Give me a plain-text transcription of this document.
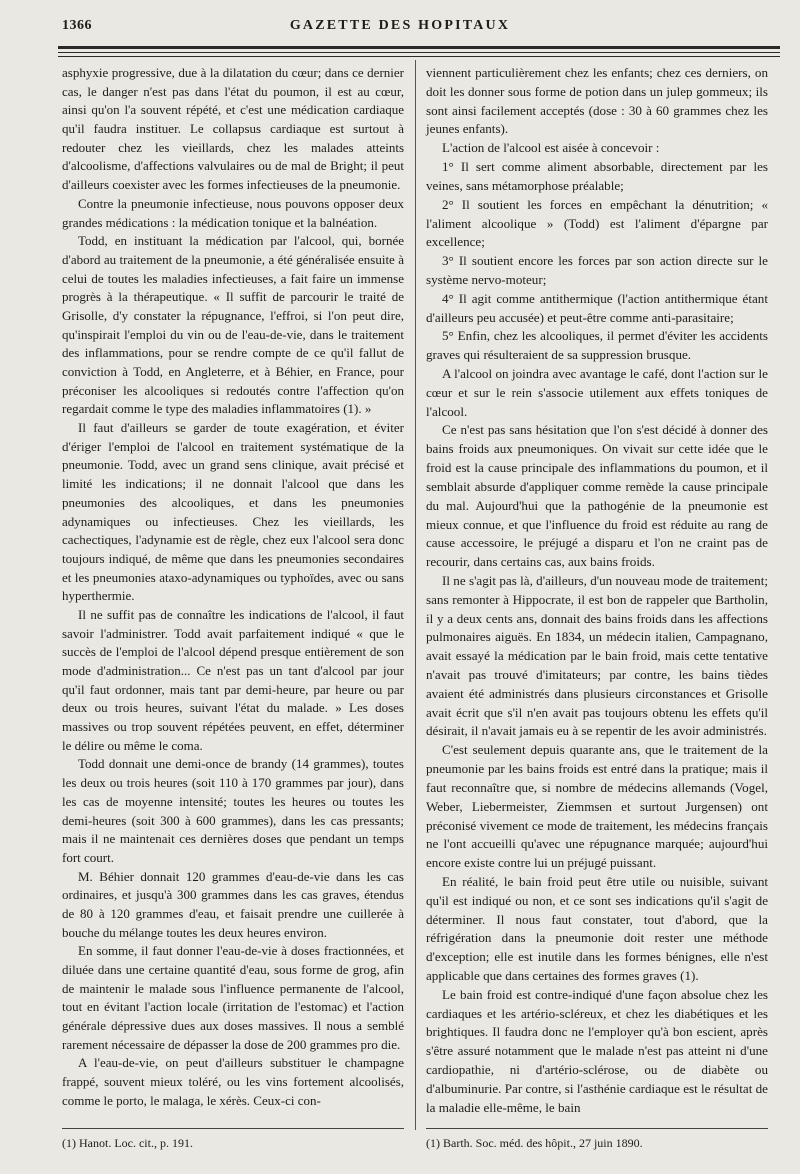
1366	GAZETTE DES HOPITAUX

asphyxie progressive, due à la dilatation du cœur; dans ce dernier cas, le danger n'est pas dans l'état du poumon, il est au cœur, ainsi qu'on l'a souvent répété, et c'est une médication cardiaque qu'il faudra instituer. Le collapsus cardiaque est surtout à redouter chez les vieillards, chez les malades atteints d'alcoolisme, d'affections valvulaires ou de mal de Bright; il peut d'ailleurs coexister avec les formes infectieuses de la pneumonie.

Contre la pneumonie infectieuse, nous pouvons opposer deux grandes médications : la médication tonique et la balnéation.

Todd, en instituant la médication par l'alcool, qui, bornée d'abord au traitement de la pneumonie, a été généralisée ensuite à celui de toutes les maladies infectieuses, a fait faire un immense progrès à la thérapeutique. « Il suffit de parcourir le traité de Grisolle, d'y constater la répugnance, l'effroi, si l'on peut dire, qu'inspirait l'emploi du vin ou de l'eau-de-vie, dans le traitement des inflammations, pour se rendre compte de ce qu'il fallut de conviction à Todd, en Angleterre, et à Béhier, en France, pour préconiser les alcooliques si redoutés contre l'affection qu'on regardait comme le type des maladies inflammatoires (1). »

Il faut d'ailleurs se garder de toute exagération, et éviter d'ériger l'emploi de l'alcool en traitement systématique de la pneumonie. Todd, avec un grand sens clinique, avait précisé et limité les indications; il ne donnait l'alcool que dans les pneumonies des alcooliques, et dans les pneumonies adynamiques ou infectieuses. Chez les vieillards, les cachectiques, l'adynamie est de règle, chez eux l'alcool sera donc toujours indiqué, de même que dans les pneumonies secondaires et les pneumonies ataxo-adynamiques ou typhoïdes, avec ou sans hyperthermie.

Il ne suffit pas de connaître les indications de l'alcool, il faut savoir l'administrer. Todd avait parfaitement indiqué « que le succès de l'emploi de l'alcool dépend presque entièrement de son mode d'administration... Ce n'est pas un tant d'alcool par jour qu'il faut ordonner, mais tant par demi-heure, par heure ou par deux ou trois heures, suivant l'état du malade. » Les doses massives ou trop souvent répétées peuvent, en effet, déterminer le délire ou même le coma.

Todd donnait une demi-once de brandy (14 grammes), toutes les deux ou trois heures (soit 110 à 170 grammes par jour), dans les cas de moyenne intensité; toutes les heures ou toutes les demi-heures (soit 300 à 600 grammes), dans les cas pressants; mais il ne maintenait ces dernières doses que pendant un temps fort court.

M. Béhier donnait 120 grammes d'eau-de-vie dans les cas ordinaires, et jusqu'à 300 grammes dans les cas graves, étendus de 80 à 120 grammes d'eau, et faisait prendre une cuillerée à bouche du mélange toutes les deux heures environ.

En somme, il faut donner l'eau-de-vie à doses fractionnées, et diluée dans une certaine quantité d'eau, sous forme de grog, afin de maintenir le malade sous l'influence permanente de l'alcool, tout en évitant l'action locale (irritation de l'estomac) et l'action générale dépressive dues aux doses massives. Il nous a semblé rarement nécessaire de dépasser la dose de 200 grammes pro die.

A l'eau-de-vie, on peut d'ailleurs substituer le champagne frappé, souvent mieux toléré, ou les vins fortement alcoolisés, comme le porto, le malaga, le xérès. Ceux-ci con-

viennent particulièrement chez les enfants; chez ces derniers, on doit les donner sous forme de potion dans un julep gommeux; ils sont ainsi facilement acceptés (dose : 30 à 60 grammes chez les jeunes enfants).

L'action de l'alcool est aisée à concevoir :

1° Il sert comme aliment absorbable, directement par les veines, sans métamorphose préalable;

2° Il soutient les forces en empêchant la dénutrition; « l'aliment alcoolique » (Todd) est l'aliment d'épargne par excellence;

3° Il soutient encore les forces par son action directe sur le système nervo-moteur;

4° Il agit comme antithermique (l'action antithermique étant d'ailleurs peu accusée) et peut-être comme anti-parasitaire;

5° Enfin, chez les alcooliques, il permet d'éviter les accidents graves qui résulteraient de sa suppression brusque.

A l'alcool on joindra avec avantage le café, dont l'action sur le cœur et sur le rein s'associe utilement aux effets toniques de l'alcool.

Ce n'est pas sans hésitation que l'on s'est décidé à donner des bains froids aux pneumoniques. On vivait sur cette idée que le froid est la cause principale des inflammations du poumon, et il semblait absurde d'appliquer comme remède la cause principale du mal. Aujourd'hui que la pathogénie de la pneumonie est mieux connue, et que l'influence du froid est réduite au rang de cause accessoire, le préjugé a disparu et l'on ne craint pas de recourir, dans certains cas, aux bains froids.

Il ne s'agit pas là, d'ailleurs, d'un nouveau mode de traitement; sans remonter à Hippocrate, il est bon de rappeler que Bartholin, il y a deux cents ans, donnait des bains froids dans les affections pulmonaires aiguës. En 1834, un médecin italien, Campagnano, avait essayé la médication par le bain froid, mais cette tentative n'avait pas trouvé d'imitateurs; par contre, les bains tièdes avaient été administrés dans plusieurs circonstances et Grisolle avait écrit que s'il n'en avait pas toujours obtenu les effets qu'il désirait, il n'avait jamais eu à se repentir de les avoir administrés.

C'est seulement depuis quarante ans, que le traitement de la pneumonie par les bains froids est entré dans la pratique; mais il faut reconnaître que, si nombre de médecins allemands (Vogel, Weber, Liebermeister, Ziemmsen et surtout Jurgensen) ont préconisé vivement ce mode de traitement, les médecins français ne l'ont accueilli qu'avec une répugnance marquée; aujourd'hui encore existe contre lui un préjugé puissant.

En réalité, le bain froid peut être utile ou nuisible, suivant qu'il est indiqué ou non, et ce sont ses indications qu'il s'agit de déterminer. Il nous faut constater, tout d'abord, que la réfrigération dans la pneumonie doit rester une méthode d'exception; elle est inutile dans les formes bénignes, elle n'est applicable que dans certaines des formes graves (1).

Le bain froid est contre-indiqué d'une façon absolue chez les cardiaques et les artério-scléreux, et chez les diabétiques et les brightiques. Il faudra donc ne l'employer qu'à bon escient, après s'être assuré notamment que le malade n'est pas atteint ni d'une cardiopathie, ni d'artério-sclérose, ou de diabète ou d'albuminurie. Par contre, si l'asthénie cardiaque est le résultat de la maladie elle-même, le bain

(1) Hanot. Loc. cit., p. 191.	(1) Barth. Soc. méd. des hôpit., 27 juin 1890.
